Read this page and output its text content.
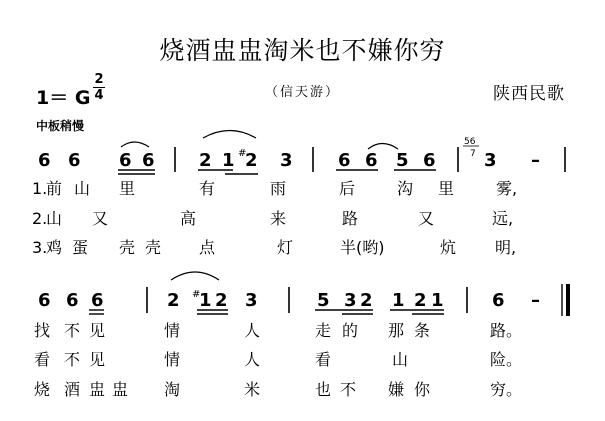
烧酒盅盅淘米也不嫌你穷
（信天游）	陕西民歌
1＝ G
2
4
中板稍慢
6 6 6 6 2 1 #
2 3	6 6 5 6
56
7 3 –
1. 前 山 里	有	雨	后	沟 里	雾,
2. 山 又	高	来	路	又	远,
3. 鸡 蛋 壳 壳 点	灯	半(哟)	炕 明,
6 6 6	2 #
1 2 3	5 3 2 1 2 1	6 –
找 不 见	情	人	走 的 那 条	路。
看 不 见	情	人	看	山	险。
烧 酒 盅 盅 淘	米	也 不 嫌 你	穷。
